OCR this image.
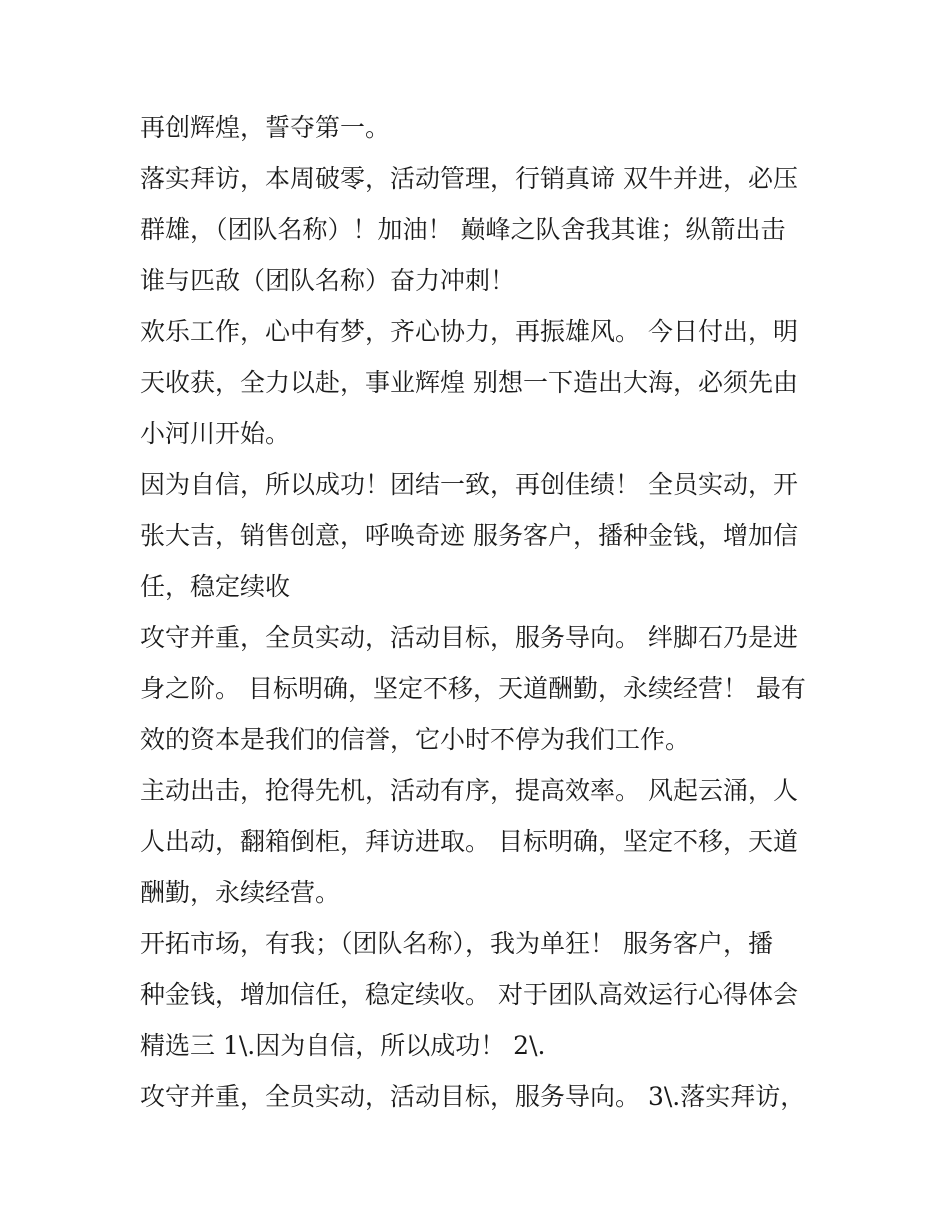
再创辉煌，誓夺第一。
落实拜访，本周破零，活动管理，行销真谛 双牛并进，必压
群雄，（团队名称）！加油！ 巅峰之队舍我其谁；纵箭出击
谁与匹敌（团队名称）奋力冲刺！
欢乐工作，心中有梦，齐心协力，再振雄风。 今日付出，明
天收获，全力以赴，事业辉煌 别想一下造出大海，必须先由
小河川开始。
因为自信，所以成功！团结一致，再创佳绩！ 全员实动，开
张大吉，销售创意，呼唤奇迹 服务客户，播种金钱，增加信
任，稳定续收
攻守并重，全员实动，活动目标，服务导向。 绊脚石乃是进
身之阶。 目标明确，坚定不移，天道酬勤，永续经营！ 最有
效的资本是我们的信誉，它小时不停为我们工作。
主动出击，抢得先机，活动有序，提高效率。 风起云涌，人
人出动，翻箱倒柜，拜访进取。 目标明确，坚定不移，天道
酬勤，永续经营。
开拓市场，有我；（团队名称），我为单狂！ 服务客户，播
种金钱，增加信任，稳定续收。 对于团队高效运行心得体会
精选三 1\.因为自信，所以成功！ 2\.
攻守并重，全员实动，活动目标，服务导向。 3\.落实拜访，
